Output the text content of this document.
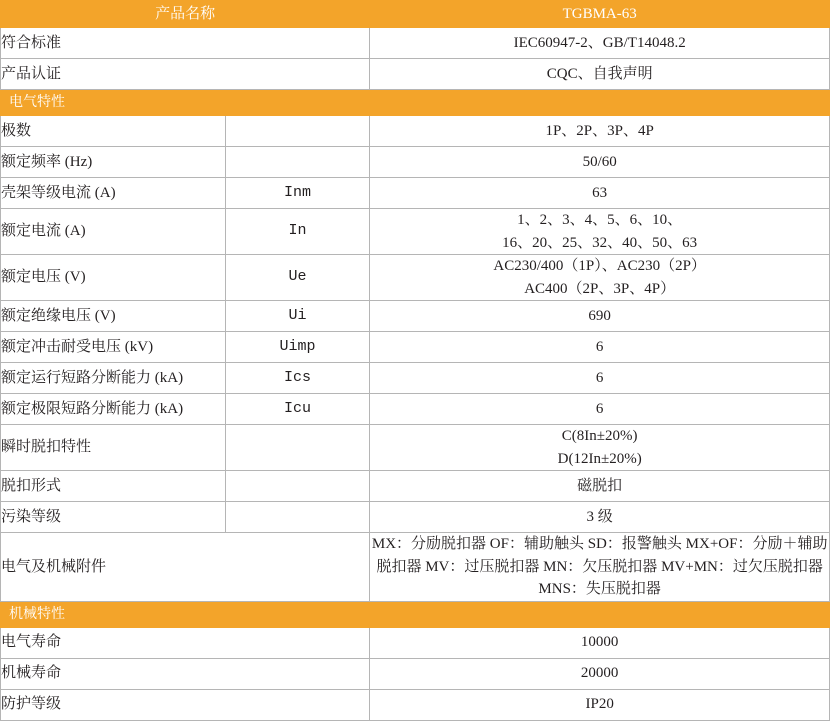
产品名称		TGBMA-63
符合标准		IEC60947-2、GB/T14048.2
产品认证		CQC、自我声明
电气特性		
极数		1P、2P、3P、4P

额定频率 (Hz)		50/60

壳架等级电流 (A)	Inm	63

额定电流 (A)	In	1、2、3、4、5、6、10、
16、20、25、32、40、50、63

额定电压 (V)	Ue	AC230/400（1P）、AC230（2P）
AC400（2P、3P、4P）

额定绝缘电压 (V)	Ui	690

额定冲击耐受电压 (kV)	Uimp	6

额定运行短路分断能力 (kA)	Ics	6

额定极限短路分断能力 (kA)	Icu	6

瞬时脱扣特性		C(8In±20%)
D(12In±20%)

脱扣形式		磁脱扣

污染等级		3 级

电气及机械附件		MX：分励脱扣器 OF：辅助触头 SD：报警触头 MX+OF：分励＋辅助脱扣器 MV：过压脱扣器 MN：欠压脱扣器 MV+MN：过欠压脱扣器 MNS：失压脱扣器
机械特性		
电气寿命		10000
机械寿命		20000
防护等级		IP20
